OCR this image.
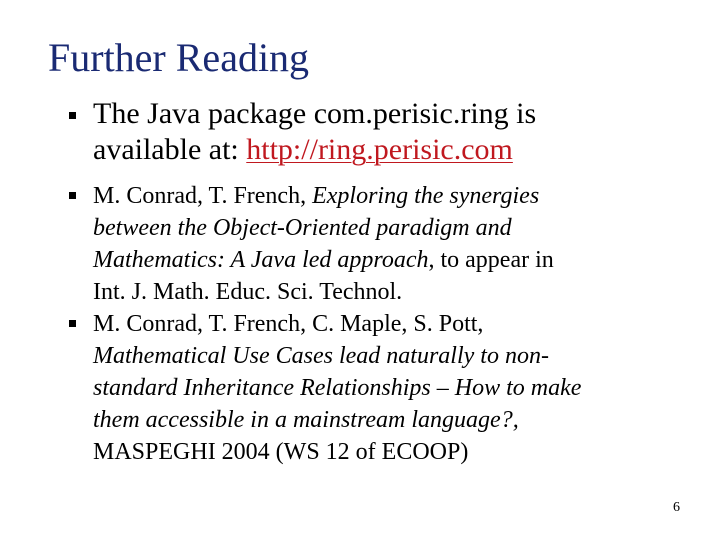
Further Reading
The Java package com.perisic.ring is
available at: http://ring.perisic.com
M. Conrad, T. French, Exploring the synergies
between the Object-Oriented paradigm and
Mathematics: A Java led approach, to appear in
Int. J. Math. Educ. Sci. Technol.
M. Conrad, T. French, C. Maple, S. Pott,
Mathematical Use Cases lead naturally to non-
standard Inheritance Relationships – How to make
them accessible in a mainstream language?,
MASPEGHI 2004 (WS 12 of ECOOP)
6
